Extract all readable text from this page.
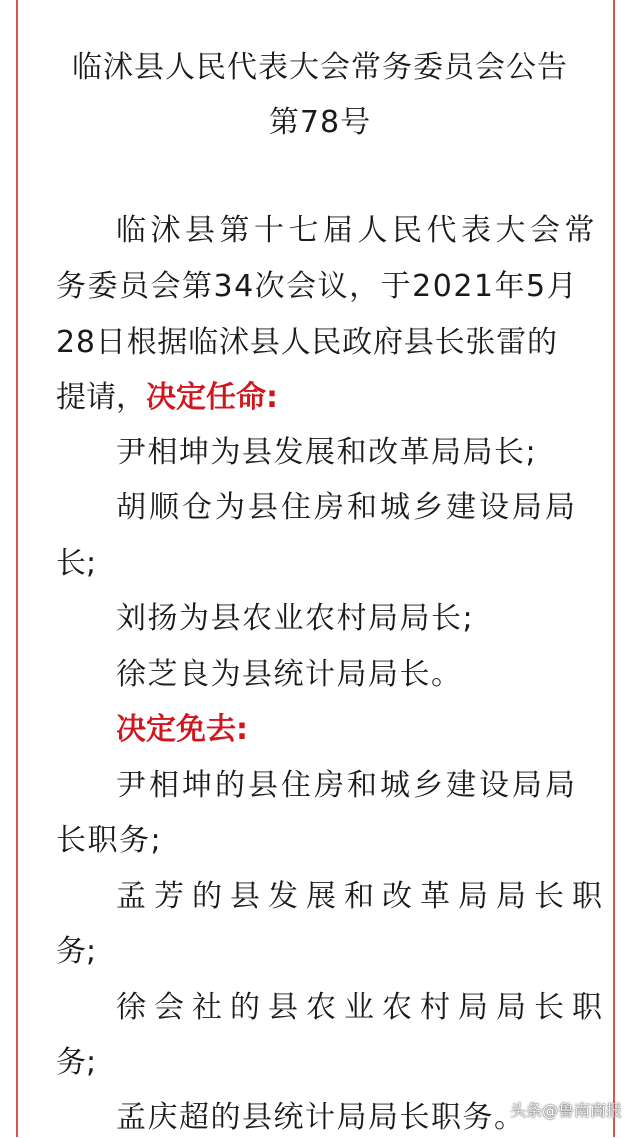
临沭县人民代表大会常务委员会公告
第78号
临沭县第十七届人民代表大会常
务委员会第34次会议，于2021年5月
28日根据临沭县人民政府县长张雷的
提请，决定任命:
尹相坤为县发展和改革局局长;
胡顺仓为县住房和城乡建设局局
长;
刘扬为县农业农村局局长;
徐芝良为县统计局局长。
决定免去:
尹相坤的县住房和城乡建设局局
长职务;
孟芳的县发展和改革局局长职
务;
徐会社的县农业农村局局长职
务;
孟庆超的县统计局局长职务。
头条@鲁南商报
